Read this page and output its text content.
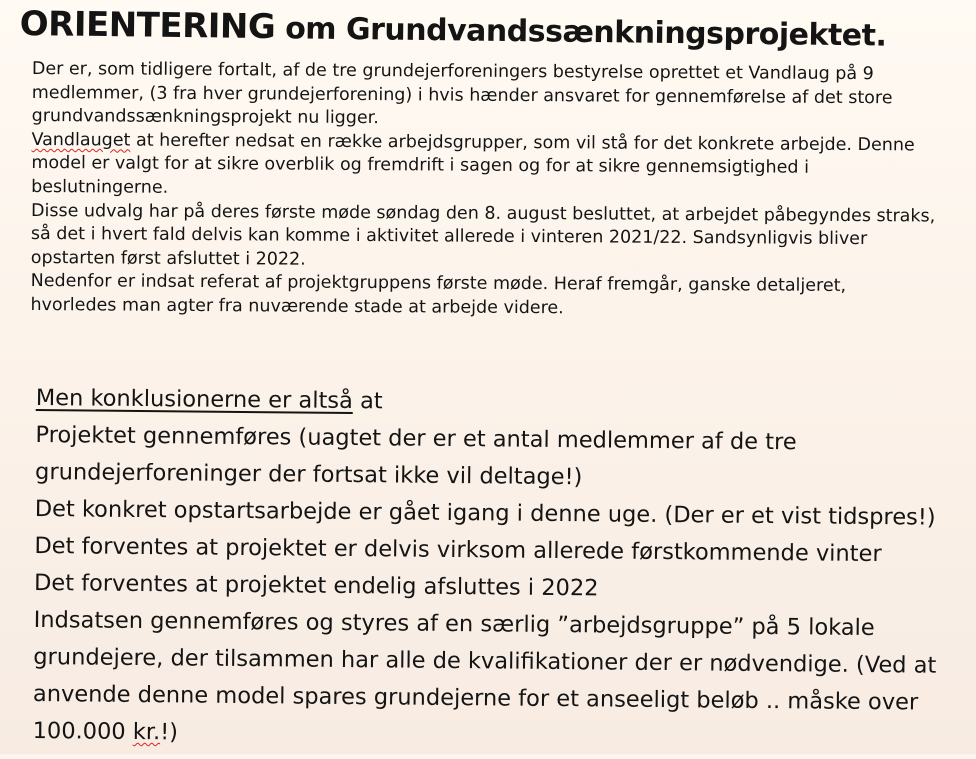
ORIENTERING om Grundvandssænkningsprojektet.
Der er, som tidligere fortalt, af de tre grundejerforeningers bestyrelse oprettet et Vandlaug på 9
medlemmer, (3 fra hver grundejerforening) i hvis hænder ansvaret for gennemførelse af det store
grundvandssænkningsprojekt nu ligger.
Vandlauget at herefter nedsat en række arbejdsgrupper, som vil stå for det konkrete arbejde. Denne
model er valgt for at sikre overblik og fremdrift i sagen og for at sikre gennemsigtighed i
beslutningerne.
Disse udvalg har på deres første møde søndag den 8. august besluttet, at arbejdet påbegyndes straks,
så det i hvert fald delvis kan komme i aktivitet allerede i vinteren 2021/22. Sandsynligvis bliver
opstarten først afsluttet i 2022.
Nedenfor er indsat referat af projektgruppens første møde. Heraf fremgår, ganske detaljeret,
hvorledes man agter fra nuværende stade at arbejde videre.
Men konklusionerne er altså at
Projektet gennemføres (uagtet der er et antal medlemmer af de tre
grundejerforeninger der fortsat ikke vil deltage!)
Det konkret opstartsarbejde er gået igang i denne uge. (Der er et vist tidspres!)
Det forventes at projektet er delvis virksom allerede førstkommende vinter
Det forventes at projektet endelig afsluttes i 2022
Indsatsen gennemføres og styres af en særlig ”arbejdsgruppe” på 5 lokale
grundejere, der tilsammen har alle de kvalifikationer der er nødvendige. (Ved at
anvende denne model spares grundejerne for et anseeligt beløb .. måske over
100.000 kr.!)
